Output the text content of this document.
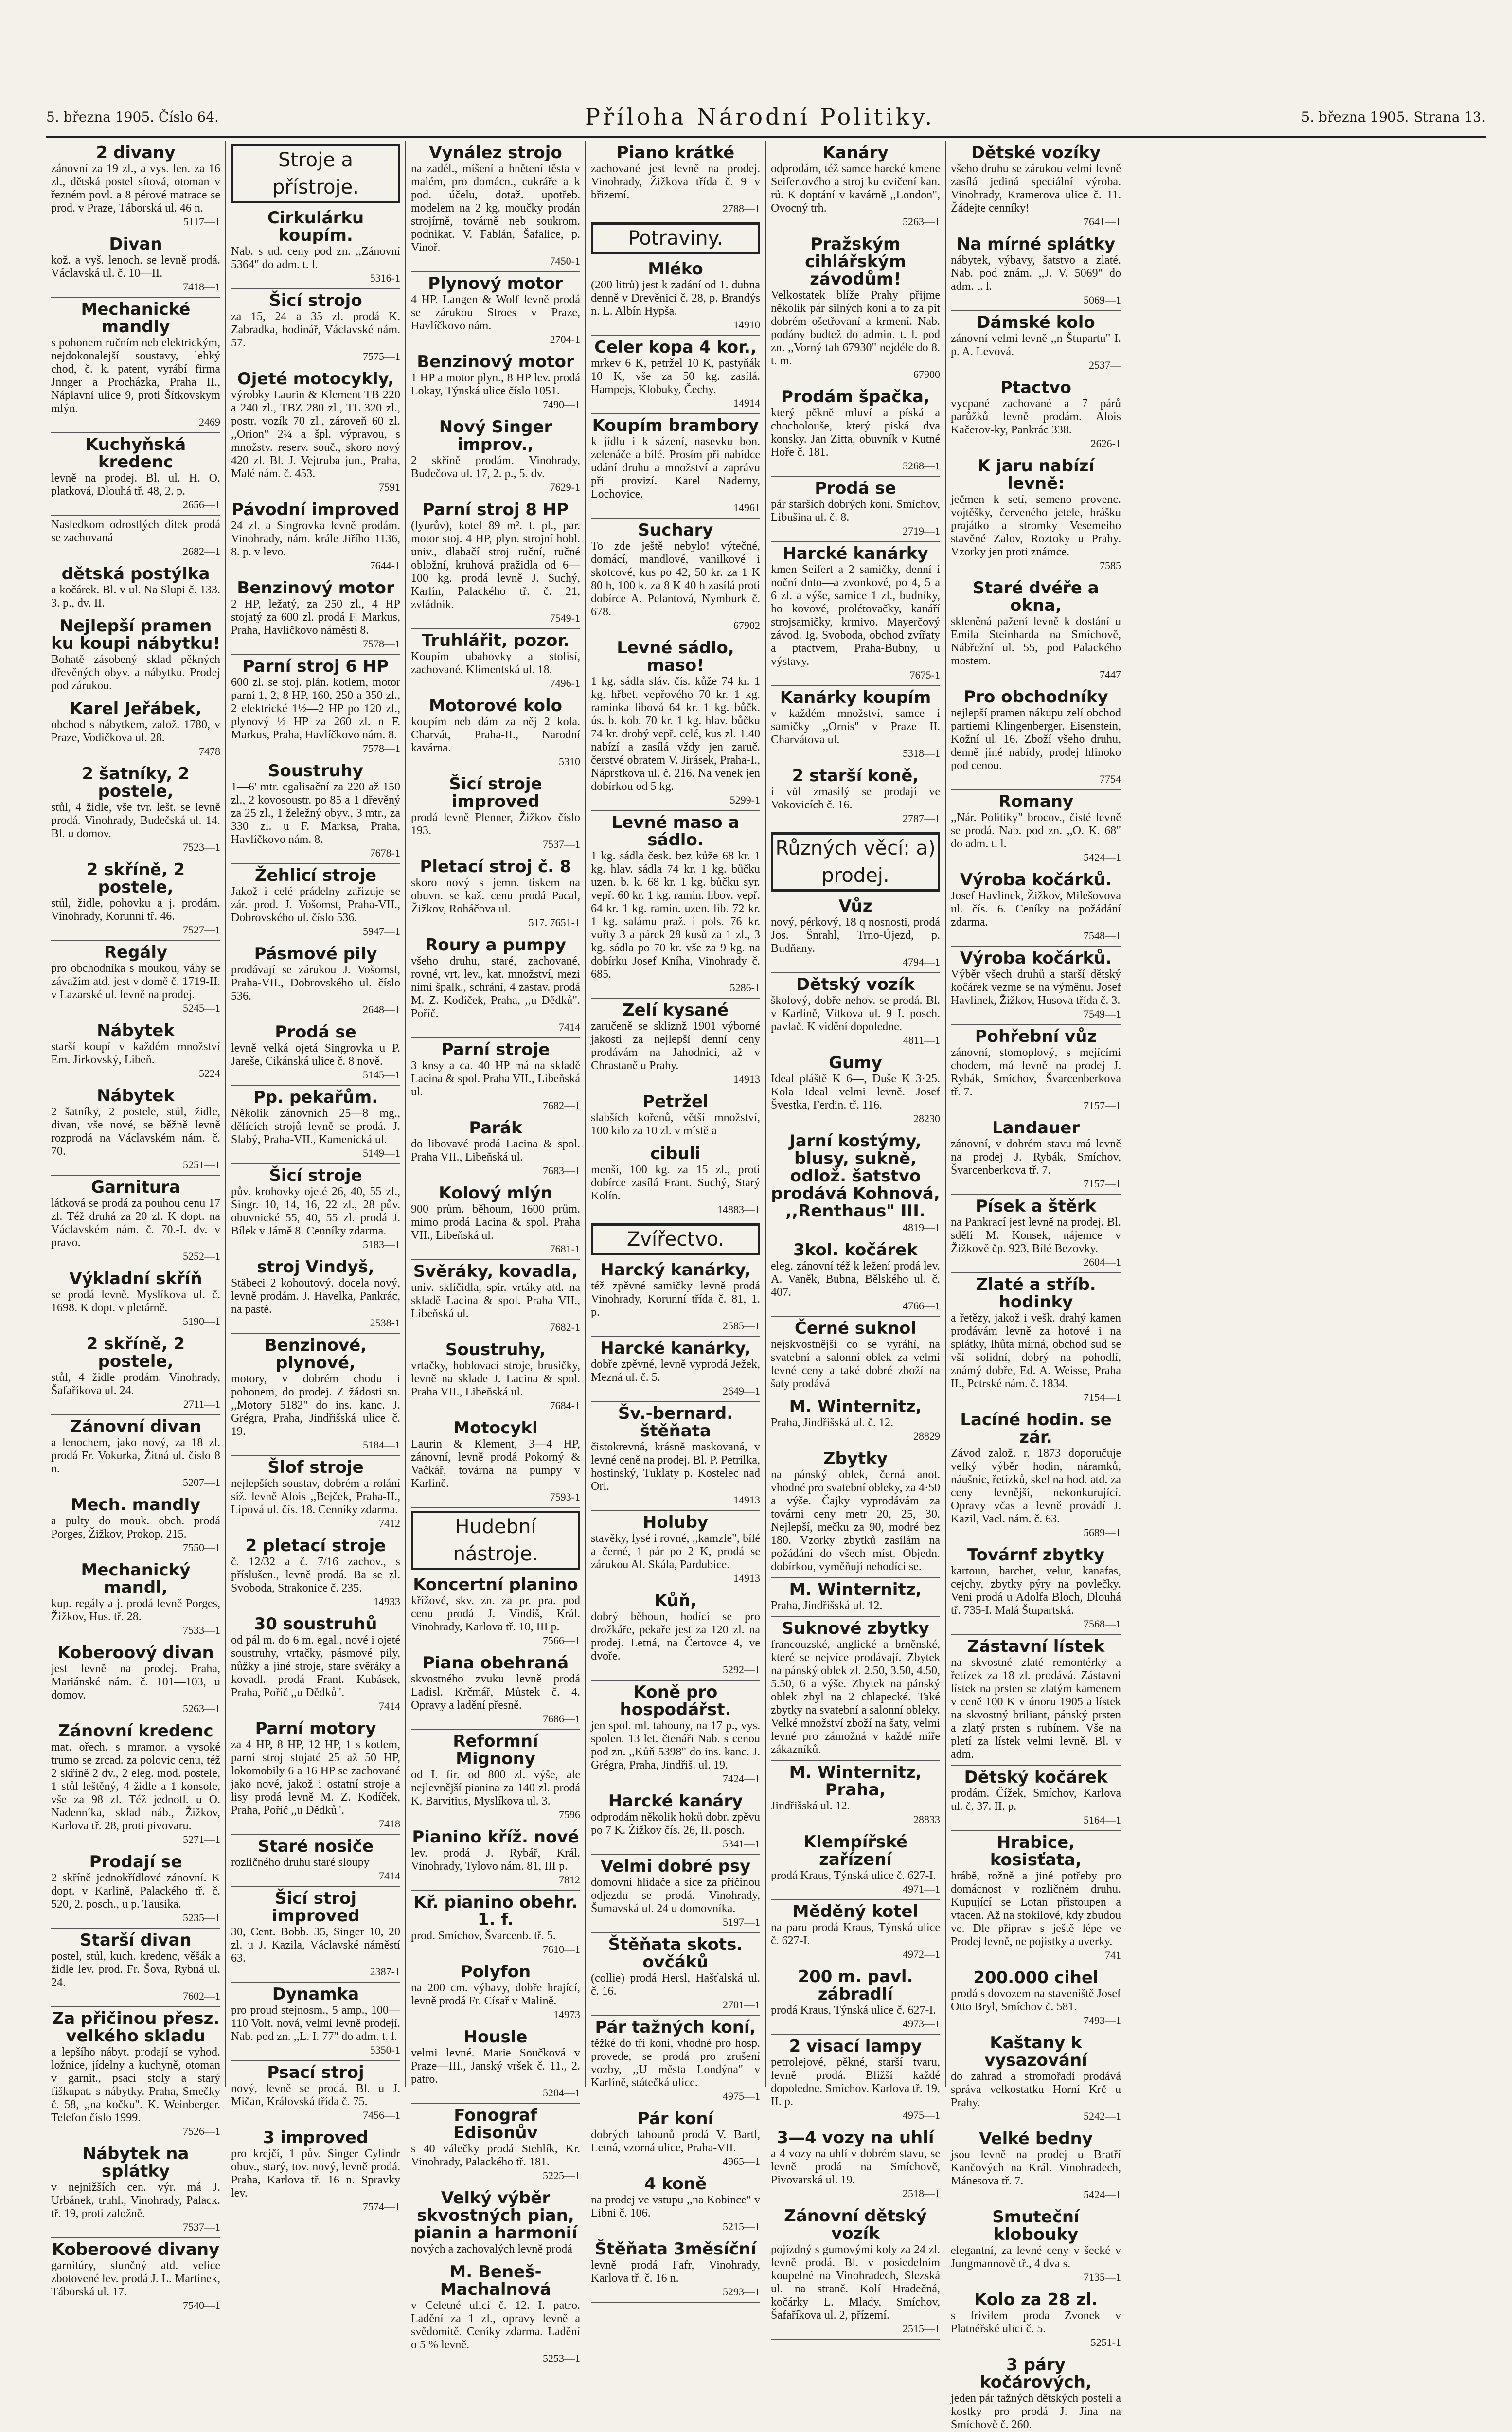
5. března 1905. Číslo 64.	Příloha Národní Politiky.	5. března 1905. Strana 13.
2 divany

zánovní za 19 zl., a vys. len. za 16 zl., dětská postel sítová, otoman v řezném povl. a 8 pérové matrace se prod. v Praze, Táborská ul. 46 n.

5117—1
Divan

kož. a vyš. lenoch. se levně prodá. Václavská ul. č. 10—II.

7418—1
Mechanické mandly

s pohonem ručním neb elektrickým, nejdokonalejší soustavy, lehký chod, č. k. patent, vyrábí firma Jnnger a Procházka, Praha II., Náplavní ulice 9, proti Šítkovskym mlýn.

2469
Kuchyňská kredenc

levně na prodej. Bl. ul. H. O. platková, Dlouhá tř. 48, 2. p.

2656—1

Nasledkom odrostlých dítek prodá se zachovaná

2682—1
dětská postýlka

a kočárek. Bl. v ul. Na Slupi č. 133. 3. p., dv. II.

Nejlepší pramen ku koupi nábytku!

Bohatě zásobený sklad pěkných dřevěných obyv. a nábytku. Prodej pod zárukou.

Karel Jeřábek,

obchod s nábytkem, založ. 1780, v Praze, Vodičkova ul. 28.

7478
2 šatníky, 2 postele,

stůl, 4 židle, vše tvr. lešt. se levně prodá. Vinohrady, Budečská ul. 14. Bl. u domov.

7523—1
2 skříně, 2 postele,

stůl, židle, pohovku a j. prodám. Vinohrady, Korunní tř. 46.

7527—1
Regály

pro obchodníka s moukou, váhy se závažím atd. jest v domě č. 1719-II. v Lazarské ul. levně na prodej.

5245—1
Nábytek

starší koupí v každém množství Em. Jirkovský, Libeň.

5224
Nábytek

2 šatníky, 2 postele, stůl, židle, divan, vše nové, se běžně levně rozprodá na Václavském nám. č. 70.

5251—1
Garnitura

látková se prodá za pouhou cenu 17 zl. Též druhá za 20 zl. K dopt. na Václavském nám. č. 70.-I. dv. v pravo.

5252—1
Výkladní skříň

se prodá levně. Myslíkova ul. č. 1698. K dopt. v pletárně.

5190—1
2 skříně, 2 postele,

stůl, 4 židle prodám. Vinohrady, Šafaříkova ul. 24.

2711—1
Zánovní divan

a lenochem, jako nový, za 18 zl. prodá Fr. Vokurka, Žitná ul. číslo 8 n.

5207—1
Mech. mandly

a pulty do mouk. obch. prodá Porges, Žižkov, Prokop. 215.

7550—1
Mechanický mandl,

kup. regály a j. prodá levně Porges, Žižkov, Hus. tř. 28.

7533—1
Koberoový divan

jest levně na prodej. Praha, Mariánské nám. č. 101—103, u domov.

5263—1
Zánovní kredenc

mat. ořech. s mramor. a vysoké trumo se zrcad. za polovic cenu, též 2 skříně 2 dv., 2 eleg. mod. postele, 1 stůl leštěný, 4 židle a 1 konsole, vše za 98 zl. Též jednotl. u O. Nadenníka, sklad náb., Žižkov, Karlova tř. 28, proti pivovaru.

5271—1
Prodají se

2 skříně jednokřídlové zánovní. K dopt. v Karlině, Palackého tř. č. 520, 2. posch., u p. Tausika.

5235—1
Starší divan

postel, stůl, kuch. kredenc, věšák a židle lev. prod. Fr. Šova, Rybná ul. 24.

7602—1
Za přičinou přesz. velkého skladu

a lepšího nábyt. prodají se vyhod. ložnice, jídelny a kuchyně, otoman v garnit., psací stoly a starý fiškupat. s nábytky. Praha, Smečky č. 58, ,,na kočku". K. Weinberger. Telefon číslo 1999.

7526—1
Nábytek na splátky

v nejnižších cen. výr. má J. Urbánek, truhl., Vinohrady, Palack. tř. 19, proti založně.

7537—1
Koberoové divany

garnitúry, slunčný atd. velice zbotovené lev. prodá J. L. Martinek, Táborská ul. 17.

7540—1
Stroje a přístroje.
Cirkulárku koupím.

Nab. s ud. ceny pod zn. ,,Zánovní 5364" do adm. t. l.

5316-1
Šicí strojo

za 15, 24 a 35 zl. prodá K. Zabradka, hodinář, Václavské nám. 57.

7575—1
Ojeté motocykly,

výrobky Laurin & Klement TB 220 a 240 zl., TBZ 280 zl., TL 320 zl., postr. vozík 70 zl., zároveň 60 zl. ,,Orion" 2¼ a špl. výpravou, s množstv. reserv. souč., skoro nový 420 zl. Bl. J. Vejtruba jun., Praha, Malé nám. č. 453.

7591
Pávodní improved

24 zl. a Singrovka levně prodám. Vinohrady, nám. krále Jiřího 1136, 8. p. v levo.

7644-1
Benzinový motor

2 HP, ležatý, za 250 zl., 4 HP stojatý za 600 zl. prodá F. Markus, Praha, Havlíčkovo náměstí 8.

7578—1
Parní stroj 6 HP

600 zl. se stoj. plán. kotlem, motor parní 1, 2, 8 HP, 160, 250 a 350 zl., 2 elektrické 1½—2 HP po 120 zl., plynový ½ HP za 260 zl. n F. Markus, Praha, Havlíčkovo nám. 8.

7578—1
Soustruhy

1—6' mtr. cgalisační za 220 až 150 zl., 2 kovosoustr. po 85 a 1 dřevěný za 25 zl., 1 želežný obyv., 3 mtr., za 330 zl. u F. Marksa, Praha, Havlíčkovo nám. 8.

7678-1
Žehlicí stroje

Jakož i celé prádelny zařizuje se zár. prod. J. Vošomst, Praha-VII., Dobrovského ul. číslo 536.

5947—1
Pásmové pily

prodávají se zárukou J. Vošomst, Praha-VII., Dobrovského ul. číslo 536.

2648—1
Prodá se

levně velká ojetá Singrovka u P. Jareše, Cikánská ulice č. 8 nově.

5145—1
Pp. pekařům.

Několik zánovních 25—8 mg., dělících strojů levně se prodá. J. Slabý, Praha-VII., Kamenická ul.

5149—1
Šicí stroje

pův. krohovky ojeté 26, 40, 55 zl., Singr. 10, 14, 16, 22 zl., 28 pův. obuvnické 55, 40, 55 zl. prodá J. Bílek v Jámě 8. Cenníky zdarma.

5183—1
stroj Vindyš,

Stäbeci 2 kohoutový. docela nový, levně prodám. J. Havelka, Pankrác, na pastě.

2538-1
Benzinové, plynové,

motory, v dobrém chodu i pohonem, do prodej. Z žádosti sn. ,,Motory 5182" do ins. kanc. J. Grégra, Praha, Jindřišská ulice č. 19.

5184—1
Šlof stroje

nejlepších soustav, dobrém a rolání síž. levně Alois ,,Bejček, Praha-II., Lipová ul. čís. 18. Cenníky zdarma.

7412
2 pletací stroje

č. 12/32 a č. 7/16 zachov., s příslušen., levně prodá. Ba se zl. Svoboda, Strakonice č. 235.

14933
30 soustruhů

od pál m. do 6 m. egal., nové i ojeté soustruhy, vrtačky, pásmové pily, nůžky a jiné stroje, stare svěráky a kovadl. prodá Frant. Kubásek, Praha, Poříč ,,u Dědků".

7414
Parní motory

za 4 HP, 8 HP, 12 HP, 1 s kotlem, parní stroj stojaté 25 až 50 HP, lokomobily 6 a 16 HP se zachované jako nové, jakož i ostatní stroje a lisy prodá levně M. Z. Kodíček, Praha, Poříč ,,u Dědků".

7418
Staré nosiče

rozličného druhu staré sloupy

7414
Šicí stroj improved

30, Cent. Bobb. 35, Singer 10, 20 zl. u J. Kazila, Václavské náměstí 63.

2387-1
Dynamka

pro proud stejnosm., 5 amp., 100—110 Volt. nová, velmi levně prodejí. Nab. pod zn. ,,L. I. 77" do adm. t. l.

5350-1
Psací stroj

nový, levně se prodá. Bl. u J. Mičan, Královská třída č. 75.

7456—1
3 improved

pro krejčí, 1 pův. Singer Cylindr obuv., starý, tov. nový, levně prodá. Praha, Karlova tř. 16 n. Spravky lev.

7574—1
Vynález strojo

na zadél., míšení a hnětení těsta v malém, pro domácn., cukráře a k pod. účelu, dotaž. upotřeb. modelem na 2 kg. moučky prodán strojírně, továrně neb soukrom. podnikat. V. Fablán, Šafalice, p. Vinoř.

7450-1
Plynový motor

4 HP. Langen & Wolf levně prodá se zárukou Stroes v Praze, Havlíčkovo nám.

2704-1
Benzinový motor

1 HP a motor plyn., 8 HP lev. prodá Lokay, Týnská ulice číslo 1051.

7490—1
Nový Singer improv.,

2 skříně prodám. Vinohrady, Budečova ul. 17, 2. p., 5. dv.

7629-1
Parní stroj 8 HP

(lyurův), kotel 89 m². t. pl., par. motor stoj. 4 HP, plyn. strojní hobl. univ., dlabačí stroj ruční, ručné obložní, kruhová pražidla od 6—100 kg. prodá levně J. Suchý, Karlín, Palackého tř. č. 21, zvládnik.

7549-1
Truhlářit, pozor.

Koupím ubahovky a stolisí, zachované. Klimentská ul. 18.

7496-1
Motorové kolo

koupím neb dám za něj 2 kola. Charvát, Praha-II., Narodní kavárna.

5310
Šicí stroje improved

prodá levně Plenner, Žižkov číslo 193.

7537—1
Pletací stroj č. 8

skoro nový s jemn. tiskem na obuvn. se kaž. cenu prodá Pacal, Žižkov, Roháčova ul.

517. 7651-1
Roury a pumpy

všeho druhu, staré, zachované, rovné, vrt. lev., kat. množství, mezi nimi špalk., schrání, 4 zastav. prodá M. Z. Kodíček, Praha, ,,u Dědků". Poříč.

7414
Parní stroje

3 knsy a ca. 40 HP má na skladě Lacina & spol. Praha VII., Libeňská ul.

7682—1
Parák

do libovavé prodá Lacina & spol. Praha VII., Libeňská ul.

7683—1
Kolový mlýn

900 prům. běhoum, 1600 prům. mimo prodá Lacina & spol. Praha VII., Libeňská ul.

7681-1
Svěráky, kovadla,

univ. sklíčidla, spir. vrtáky atd. na skladě Lacina & spol. Praha VII., Libeňská ul.

7682-1
Soustruhy,

vrtačky, hoblovací stroje, brusičky, levně na sklade J. Lacina & spol. Praha VII., Libeňská ul.

7684-1
Motocykl

Laurin & Klement, 3—4 HP, zánovní, levně prodá Pokorný & Vačkář, továrna na pumpy v Karlině.

7593-1
Hudební nástroje.
Koncertní planino

křížové, skv. zn. za pr. pra. pod cenu prodá J. Vindiš, Král. Vinohrady, Karlova tř. 10, III p.

7566—1
Piana obehraná

skvostného zvuku levně prodá Ladisl. Krčmář, Můstek č. 4. Opravy a ladění přesně.

7686—1
Reformní Mignony

od I. fir. od 800 zl. výše, ale nejlevnější pianina za 140 zl. prodá K. Barvitius, Myslíkova ul. 3.

7596
Pianino kříž. nové

lev. prodá J. Rybář, Král. Vinohrady, Tylovo nám. 81, III p.

7812
Kř. pianino obehr. 1. f.

prod. Smíchov, Švarcenb. tř. 5.

7610—1
Polyfon

na 200 cm. výbavy, dobře hrající, levně prodá Fr. Císař v Malině.

14973
Housle

velmi levné. Marie Součková v Praze—III., Janský vršek č. 11., 2. patro.

5204—1
Fonograf Edisonův

s 40 válečky prodá Stehlík, Kr. Vinohrady, Palackého tř. 181.

5225—1
Velký výběr skvostných pian, pianin a harmonií

nových a zachovalých levně prodá

M. Beneš-Machalnová

v Celetné ulici č. 12. I. patro. Ladění za 1 zl., opravy levně a svědomitě. Ceníky zdarma. Ladění o 5 % levně.

5253—1
Piano krátké

zachované jest levně na prodej. Vinohrady, Žižkova třída č. 9 v břizemí.

2788—1
Potraviny.
Mléko

(200 litrů) jest k zadání od 1. dubna denně v Drevěnici č. 28, p. Brandýs n. L. Albín Hypša.

14910
Celer kopa 4 kor.,

mrkev 6 K, petržel 10 K, pastyňák 10 K, vše za 50 kg. zasílá. Hampejs, Klobuky, Čechy.

14914
Koupím brambory

k jídlu i k sázení, nasevku bon. zelenáče a bílé. Prosím při nabídce udání druhu a množství a zaprávu při provizí. Karel Naderny, Lochovice.

14961
Suchary

To zde ještě nebylo! výtečné, domácí, mandlové, vanilkové i skotcové, kus po 42, 50 kr. za 1 K 80 h, 100 k. za 8 K 40 h zasílá proti dobírce A. Pelantová, Nymburk č. 678.

67902
Levné sádlo, maso!

1 kg. sádla sláv. čís. kůže 74 kr. 1 kg. hřbet. vepřového 70 kr. 1 kg. raminka libová 64 kr. 1 kg. bůčk. ús. b. kob. 70 kr. 1 kg. hlav. bůčku 74 kr. drobý vepř. celé, kus zl. 1.40 nabízí a zasílá vždy jen zaruč. čerstvé obratem V. Jirásek, Praha-I., Náprstkova ul. č. 216. Na venek jen dobírkou od 5 kg.

5299-1
Levné maso a sádlo.

1 kg. sádla česk. bez kůže 68 kr. 1 kg. hlav. sádla 74 kr. 1 kg. bůčku uzen. b. k. 68 kr. 1 kg. bůčku syr. vepř. 60 kr. 1 kg. ramin. libov. vepř. 64 kr. 1 kg. ramin. uzen. lib. 72 kr. 1 kg. salámu praž. i pols. 76 kr. vuřty 3 a párek 28 kusů za 1 zl., 3 kg. sádla po 70 kr. vše za 9 kg. na dobírku Josef Kníha, Vinohrady č. 685.

5286-1
Zelí kysané

zaručeně se skliznž 1901 výborné jakosti za nejlepší denní ceny prodávám na Jahodnici, až v Chrastaně u Prahy.

14913
Petržel

slabších kořenů, větší množství, 100 kilo za 10 zl. v místě a

cibuli

menší, 100 kg. za 15 zl., proti dobírce zasílá Frant. Suchý, Starý Kolín.

14883—1
Zvířectvo.
Harcký kanárky,

též zpěvné samičky levně prodá Vinohrady, Korunní třída č. 81, 1. p.

2585—1
Harcké kanárky,

dobře zpěvné, levně vyprodá Ježek, Mezná ul. č. 5.

2649—1
Šv.-bernard. štěňata

čistokrevná, krásně maskovaná, v levné ceně na prodej. Bl. P. Petrilka, hostinský, Tuklaty p. Kostelec nad Orl.

14913
Holuby

stavěky, lysé i rovné, ,,kamzle", bílé a černé, 1 pár po 2 K, prodá se zárukou Al. Skála, Pardubice.

14913
Kůň,

dobrý běhoun, hodící se pro drožkáře, pekaře jest za 120 zl. na prodej. Letná, na Čertovce 4, ve dvoře.

5292—1
Koně pro hospodářst.

jen spol. ml. tahouny, na 17 p., vys. spolen. 13 let. čtenáři Nab. s cenou pod zn. ,,Kůň 5398" do ins. kanc. J. Grégra, Praha, Jindřiš. ul. 19.

7424—1
Harcké kanáry

odprodám několik hoků dobr. zpěvu po 7 K. Žižkov čís. 26, II. posch.

5341—1
Velmi dobré psy

domovní hlídače a sice za příčinou odjezdu se prodá. Vinohrady, Šumavská ul. 24 u domovníka.

5197—1
Štěňata skots. ovčáků

(collie) prodá Hersl, Hašťalská ul. č. 16.

2701—1
Pár tažných koní,

těžké do tří koní, vhodné pro hosp. provede, se prodá pro zrušení vozby, ,,U města Londýna" v Karlíně, státečká ulice.

4975—1
Pár koní

dobrých tahounů prodá V. Bartl, Letná, vzorná ulice, Praha-VII.

4965—1
4 koně

na prodej ve vstupu ,,na Kobince" v Libni č. 106.

5215—1
Štěňata 3měsíční

levně prodá Fafr, Vinohrady, Karlova tř. č. 16 n.

5293—1
Kanáry

odprodám, též samce harcké kmene Seifertového a stroj ku cvičení kan. rů. K doptání v kavárně ,,London", Ovocný trh.

5263—1
Pražským cihlářským závodům!

Velkostatek blíže Prahy přijme několik pár silných koní a to za pit dobrém ošetřovaní a krmení. Nab. podány budtež do admin. t. l. pod zn. ,,Vorný tah 67930" nejdéle do 8. t. m.

67900
Prodám špačka,

který pěkně mluví a píská a chocholouše, který piská dva konsky. Jan Zitta, obuvník v Kutné Hoře č. 181.

5268—1
Prodá se

pár starších dobrých koní. Smíchov, Libušina ul. č. 8.

2719—1
Harcké kanárky

kmen Seifert a 2 samičky, denní i noční dnto—a zvonkové, po 4, 5 a 6 zl. a výše, samice 1 zl., budníky, ho kovové, prolétovačky, kanáří strojsamičky, krmivo. Mayerčový závod. Ig. Svoboda, obchod zvířaty a ptactvem, Praha-Bubny, u výstavy.

7675-1
Kanárky koupím

v každém množství, samce i samičky ,,Ornis" v Praze II. Charvátova ul.

5318—1
2 starší koně,

i vůl zmasilý se prodají ve Vokovicích č. 16.

2787—1
Různých věcí: a) prodej.
Vůz

nový, pérkový, 18 q nosnosti, prodá Jos. Šnrahl, Trno-Újezd, p. Budňany.

4794—1
Dětský vozík

školový, dobře nehov. se prodá. Bl. v Karlině, Vítkova ul. 9 I. posch. pavlač. K vidění dopoledne.

4811—1
Gumy

Ideal pláště K 6—, Duše K 3·25. Kola Ideal velmi levně. Josef Švestka, Ferdin. tř. 116.

28230
Jarní kostýmy, blusy, sukně, odlož. šatstvo prodává Kohnová, ,,Renthaus" III.
4819—1
3kol. kočárek

eleg. zánovní též k ležení prodá lev. A. Vaněk, Bubna, Bělského ul. č. 407.

4766—1
Černé suknol

nejskvostnější co se vyráhí, na svatební a salonní oblek za velmi levné ceny a také dobré zboží na šaty prodává

M. Winternitz,

Praha, Jindřišská ul. č. 12.

28829
Zbytky

na pánský oblek, černá anot. vhodné pro svatební obleky, za 4·50 a výše. Čajky vyprodávám za továrni ceny metr 20, 25, 30. Nejlepší, mečku za 90, modré bez 180. Vzorky zbytků zasílám na požádání do všech míst. Objedn. dobírkou, vyměňují nehodíci se.

M. Winternitz,

Praha, Jindřišská ul. 12.

Suknové zbytky

francouzské, anglické a brněnské, které se nejvíce prodávají. Zbytek na pánský oblek zl. 2.50, 3.50, 4.50, 5.50, 6 a výše. Zbytek na pánský oblek zbyl na 2 chlapecké. Také zbytky na svatební a salonní obleky. Velké množství zboží na šaty, velmi levné pro zámožná v každé míře zákazníků.

M. Winternitz, Praha,

Jindřišská ul. 12.

28833
Klempířské zařízení

prodá Kraus, Týnská ulice č. 627-I.

4971—1
Měděný kotel

na paru prodá Kraus, Týnská ulice č. 627-I.

4972—1
200 m. pavl. zábradlí

prodá Kraus, Týnská ulice č. 627-I.

4973—1
2 visací lampy

petrolejové, pěkné, starší tvaru, levně prodá. Bližší každé dopoledne. Smíchov. Karlova tř. 19, II. p.

4975—1
3—4 vozy na uhlí

a 4 vozy na uhlí v dobrém stavu, se levně prodá na Smíchově, Pivovarská ul. 19.

2518—1
Zánovní dětský vozík

pojízdný s gumovými koly za 24 zl. levně prodá. Bl. v posiedelním koupelné na Vinohradech, Slezská ul. na straně. Kolí Hradečná, kočárky L. Mlady, Smíchov, Šafaříkova ul. 2, přízemí.

2515—1
Dětské vozíky

všeho druhu se zárukou velmi levně zasílá jediná speciální výroba. Vinohrady, Kramerova ulice č. 11. Žádejte cenníky!

7641—1
Na mírné splátky

nábytek, výbavy, šatstvo a zlaté. Nab. pod znám. ,,J. V. 5069" do adm. t. l.

5069—1
Dámské kolo

zánovní velmi levně ,,n Štupartu" I. p. A. Levová.

2537—
Ptactvo

vycpané zachované a 7 párů parůžků levně prodám. Alois Kačerov-ky, Pankrác 338.

2626-1
K jaru nabízí levně:

ječmen k setí, semeno provenc. vojtěšky, červeného jetele, hrášku prajátko a stromky Vesemeiho stavěné Zalov, Roztoky u Prahy. Vzorky jen proti známce.

7585
Staré dvéře a okna,

skleněná pažení levně k dostání u Emila Steinharda na Smíchově, Nábřežní ul. 55, pod Palackého mostem.

7447
Pro obchodníky

nejlepší pramen nákupu zelí obchod partiemi Klingenberger. Eisenstein, Kožní ul. 16. Zboží všeho druhu, denně jiné nabídy, prodej hlinoko pod cenou.

7754
Romany

,,Nár. Politiky" brocov., čisté levně se prodá. Nab. pod zn. ,,O. K. 68" do adm. t. l.

5424—1
Výroba kočárků.

Josef Havlinek, Žižkov, Milešovova ul. čís. 6. Ceníky na požádání zdarma.

7548—1
Výroba kočárků.

Výběr všech druhů a starší dětský kočárek vezme se na výměnu. Josef Havlinek, Žižkov, Husova třída č. 3.

7549—1
Pohřební vůz

zánovní, stomoplový, s mejícími chodem, má levně na prodej J. Rybák, Smíchov, Švarcenberkova tř. 7.

7157—1
Landauer

zánovní, v dobrém stavu má levně na prodej J. Rybák, Smíchov, Švarcenberkova tř. 7.

7157—1
Písek a štěrk

na Pankrací jest levně na prodej. Bl. sdělí M. Konsek, nájemce v Žižkově čp. 923, Bílé Bezovky.

2604—1
Zlaté a stříb. hodinky

a řetězy, jakož i vešk. drahý kamen prodávám levně za hotové i na splátky, lhůta mírná, obchod sud se vší solidní, dobrý na pohodlí, známý dobře, Ed. A. Weisse, Praha II., Petrské nám. č. 1834.

7154—1
Lacíné hodin. se zár.

Závod založ. r. 1873 doporučuje velký výběr hodin, náramků, náušnic, řetízků, skel na hod. atd. za ceny levnější, nekonkurující. Opravy včas a levně provádí J. Kazil, Vacl. nám. č. 63.

5689—1
Továrnf zbytky

kartoun, barchet, velur, kanafas, cejchy, zbytky pýry na povlečky. Veni prodá u Adolfa Bloch, Dlouhá tř. 735-I. Malá Štupartská.

7568—1
Zástavní lístek

na skvostné zlaté remontérky a řetízek za 18 zl. prodává. Zástavni lístek na prsten se zlatým kamenem v ceně 100 K v únoru 1905 a lístek na skvostný briliant, pánský prsten a zlatý prsten s rubínem. Vše na pletí za lístek velmi levně. Bl. v adm.

Dětský kočárek

prodám. Čížek, Smíchov, Karlova ul. č. 37. II. p.

5164—1
Hrabice, kosisťata,

hrábě, rožně a jiné potřeby pro domácnost v rozličném druhu. Kupující se Lotan přistoupen a vtacen. Až na stokilové, kdy zbudou ve. Dle připrav s ještě lépe ve Prodej levně, ne pojistky a uverky.

741
200.000 cihel

prodá s dovozem na staveniště Josef Otto Bryl, Smíchov č. 581.

7493—1
Kaštany k vysazování

do zahrad a stromořadí prodává správa velkostatku Horní Krč u Prahy.

5242—1
Velké bedny

jsou levně na prodej u Bratří Kančových na Král. Vinohradech, Mánesova tř. 7.

5424—1
Smuteční klobouky

elegantní, za levné ceny v šecké v Jungmannově tř., 4 dva s.

7135—1
Kolo za 28 zl.

s frivilem proda Zvonek v Platnéřské ulici č. 5.

5251-1
3 páry kočárových,

jeden pár tažných dětských posteli a kostky pro prodá J. Jína na Smíchově č. 260.
